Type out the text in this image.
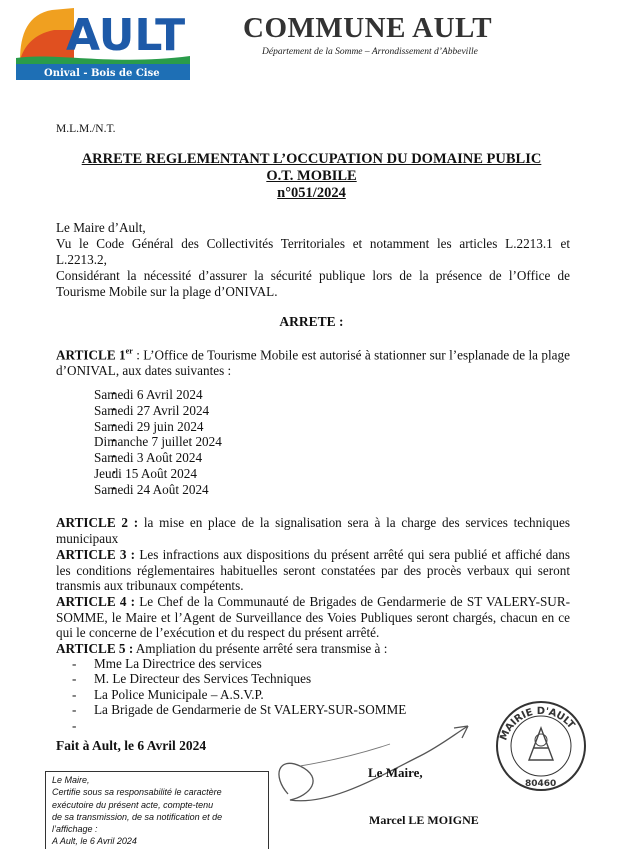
AULT
Onival - Bois de Cise
COMMUNE AULT
Département de la Somme – Arrondissement d’Abbeville
M.L.M./N.T.
ARRETE REGLEMENTANT L’OCCUPATION DU DOMAINE PUBLIC
O.T. MOBILE
n°051/2024
Le Maire d’Ault,
Vu le Code Général des Collectivités Territoriales et notamment les articles L.2213.1 et L.2213.2,
Considérant la nécessité d’assurer la sécurité publique lors de la présence de l’Office de Tourisme Mobile sur la plage d’ONIVAL.
ARRETE :
ARTICLE 1er : L’Office de Tourisme Mobile est autorisé à stationner sur l’esplanade de la plage d’ONIVAL, aux dates suivantes :
• Samedi 6 Avril 2024
• Samedi 27 Avril 2024
• Samedi 29 juin 2024
• Dimanche 7 juillet 2024
• Samedi 3 Août 2024
• Jeudi 15 Août 2024
• Samedi 24 Août 2024
ARTICLE 2 : la mise en place de la signalisation sera à la charge des services techniques municipaux
ARTICLE 3 : Les infractions aux dispositions du présent arrêté qui sera publié et affiché dans les conditions réglementaires habituelles seront constatées par des procès verbaux qui seront transmis aux tribunaux compétents.
ARTICLE 4 : Le Chef de la Communauté de Brigades de Gendarmerie de ST VALERY-SUR-SOMME, le Maire et l’Agent de Surveillance des Voies Publiques seront chargés, chacun en ce qui le concerne de l’exécution et du respect du présent arrêté.
ARTICLE 5 : Ampliation du présente arrêté sera transmise à :
- Mme La Directrice des services
- M. Le Directeur des Services Techniques
- La Police Municipale – A.S.V.P.
- La Brigade de Gendarmerie de St VALERY-SUR-SOMME
-
Fait à Ault, le 6 Avril 2024
Le Maire,
Certifie sous sa responsabilité le caractère
exécutoire du présent acte, compte-tenu
de sa transmission, de sa notification et de
l’affichage :
A Ault, le 6 Avril 2024
Le Maire,
Marcel LE MOIGNE
MAIRIE D'AULT
80460
